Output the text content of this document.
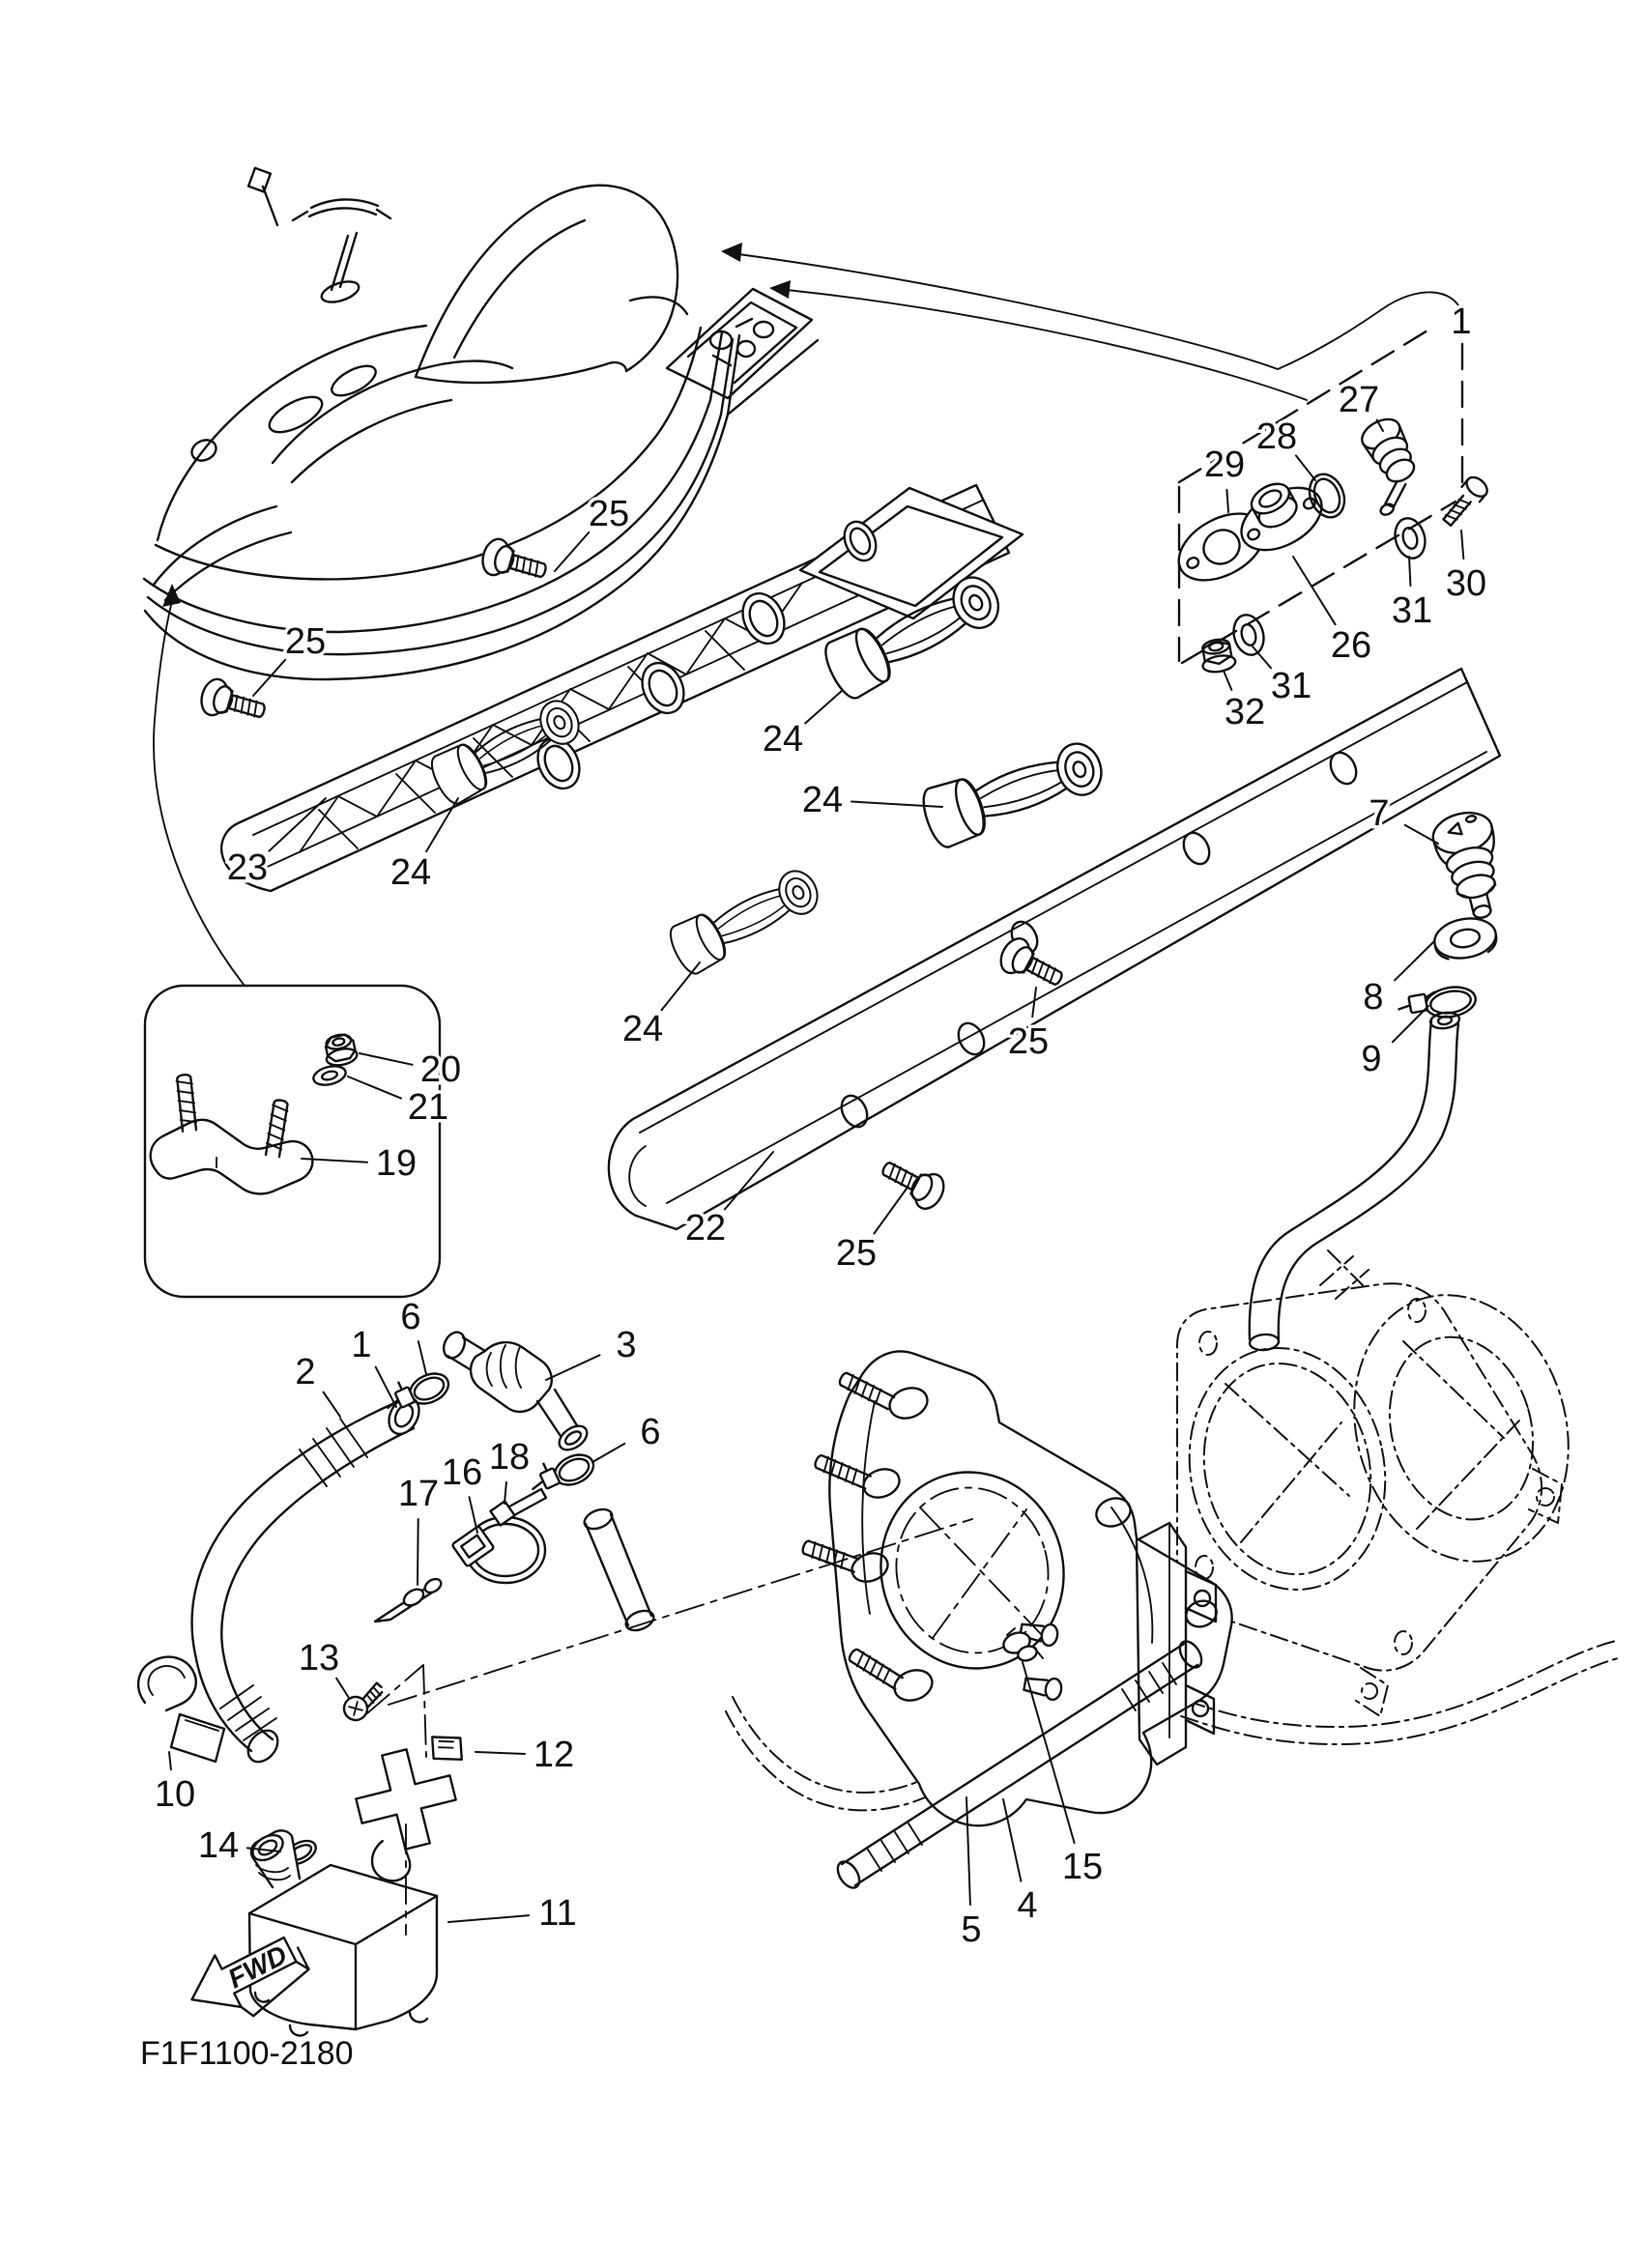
FWD
F1F1100-2180
1
1
2
3
4
5
6
6
7
8
9
10
11
12
13
14
15
16
17
18
19
20
21
22
23
24
24
24
24
25
25
25
25
26
27
28
29
30
31
31
32
